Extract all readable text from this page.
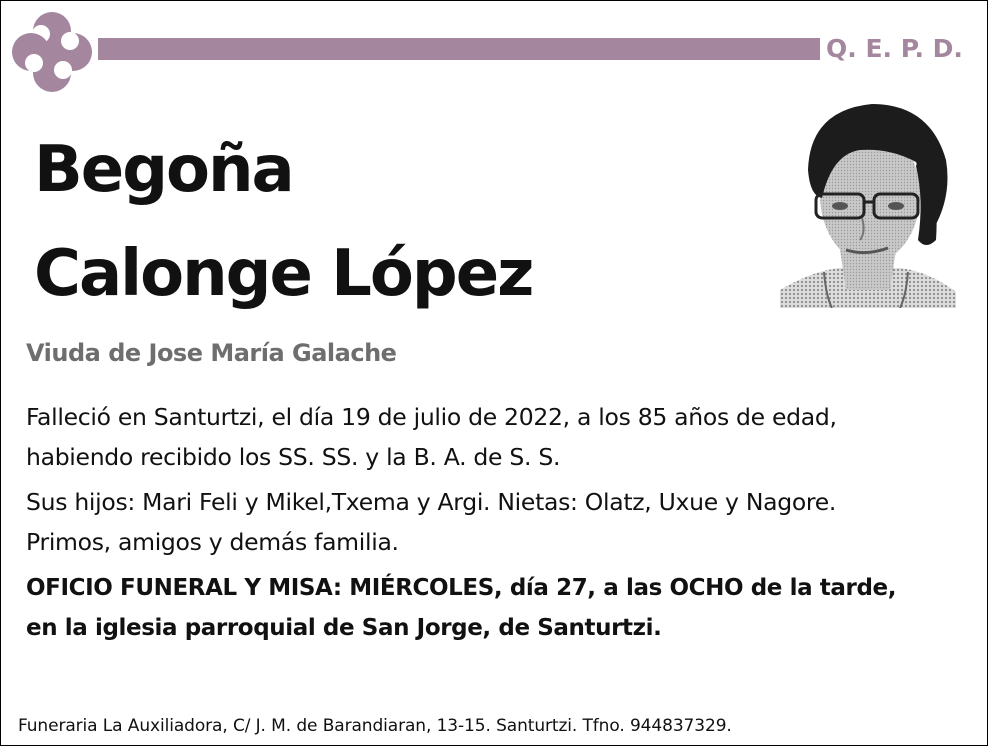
Q. E. P. D.
Begoña
Calonge López
Viuda de Jose María Galache
Falleció en Santurtzi, el día 19 de julio de 2022, a los 85 años de edad,
habiendo recibido los SS. SS. y la B. A. de S. S.
Sus hijos: Mari Feli y Mikel,Txema y Argi. Nietas: Olatz, Uxue y Nagore.
Primos, amigos y demás familia.
OFICIO FUNERAL Y MISA: MIÉRCOLES, día 27, a las OCHO de la tarde,
en la iglesia parroquial de San Jorge, de Santurtzi.
Funeraria La Auxiliadora, C/ J. M. de Barandiaran, 13-15. Santurtzi. Tfno. 944837329.
